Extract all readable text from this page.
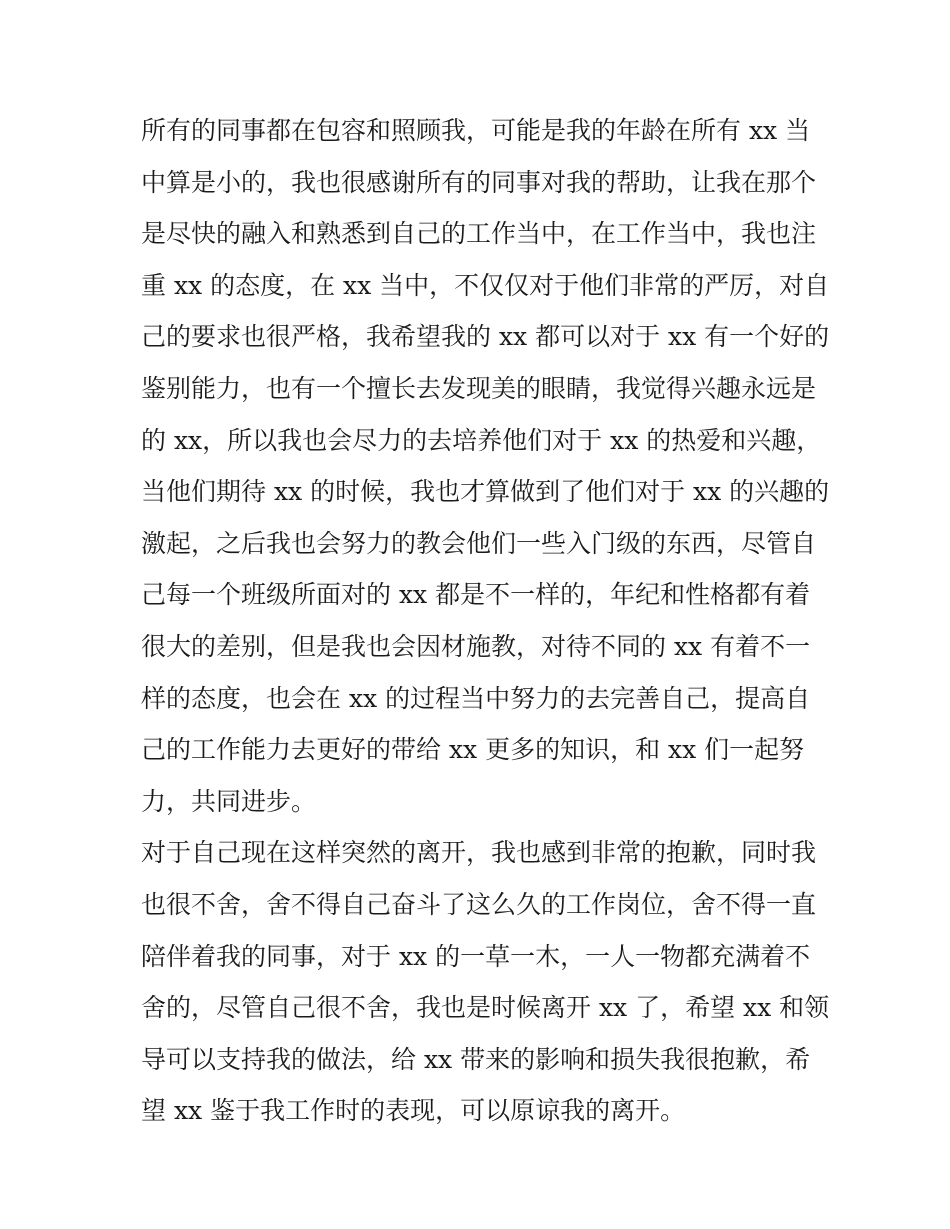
所有的同事都在包容和照顾我，可能是我的年龄在所有 xx 当
中算是小的，我也很感谢所有的同事对我的帮助，让我在那个
是尽快的融入和熟悉到自己的工作当中，在工作当中，我也注
重 xx 的态度，在 xx 当中，不仅仅对于他们非常的严厉，对自
己的要求也很严格，我希望我的 xx 都可以对于 xx 有一个好的
鉴别能力，也有一个擅长去发现美的眼睛，我觉得兴趣永远是
的 xx，所以我也会尽力的去培养他们对于 xx 的热爱和兴趣，
当他们期待 xx 的时候，我也才算做到了他们对于 xx 的兴趣的
激起，之后我也会努力的教会他们一些入门级的东西，尽管自
己每一个班级所面对的 xx 都是不一样的，年纪和性格都有着
很大的差别，但是我也会因材施教，对待不同的 xx 有着不一
样的态度，也会在 xx 的过程当中努力的去完善自己，提高自
己的工作能力去更好的带给 xx 更多的知识，和 xx 们一起努
力，共同进步。
对于自己现在这样突然的离开，我也感到非常的抱歉，同时我
也很不舍，舍不得自己奋斗了这么久的工作岗位，舍不得一直
陪伴着我的同事，对于 xx 的一草一木，一人一物都充满着不
舍的，尽管自己很不舍，我也是时候离开 xx 了，希望 xx 和领
导可以支持我的做法，给 xx 带来的影响和损失我很抱歉，希
望 xx 鉴于我工作时的表现，可以原谅我的离开。
